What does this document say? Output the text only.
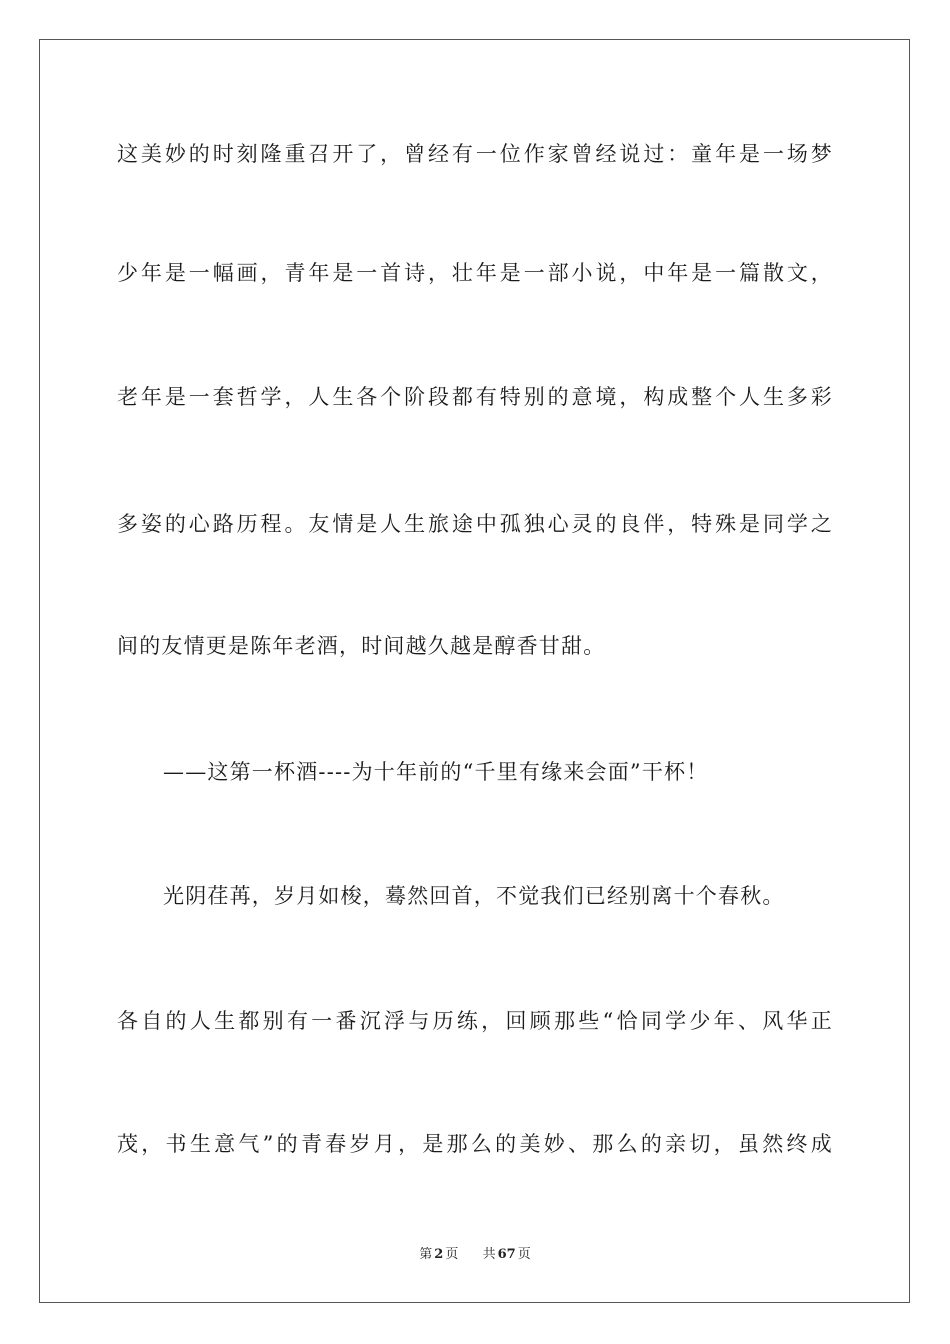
这美妙的时刻隆重召开了，曾经有一位作家曾经说过：童年是一场梦
少年是一幅画，青年是一首诗，壮年是一部小说，中年是一篇散文，
老年是一套哲学，人生各个阶段都有特别的意境，构成整个人生多彩
多姿的心路历程。友情是人生旅途中孤独心灵的良伴，特殊是同学之
间的友情更是陈年老酒，时间越久越是醇香甘甜。
——这第一杯酒----为十年前的“千里有缘来会面”干杯！
光阴荏苒，岁月如梭，蓦然回首，不觉我们已经别离十个春秋。
各自的人生都别有一番沉浮与历练，回顾那些“恰同学少年、风华正
茂，书生意气”的青春岁月，是那么的美妙、那么的亲切，虽然终成
第 2 页 共 67 页
